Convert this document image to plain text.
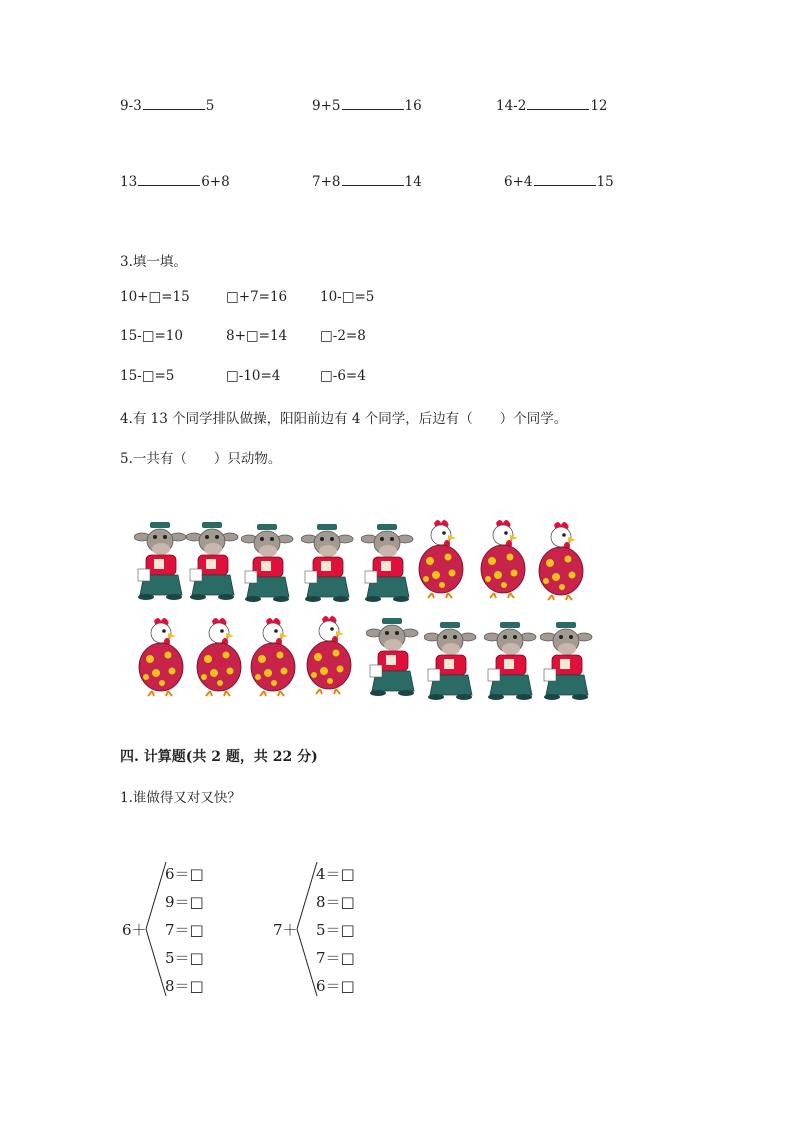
9-3	5	9+5	16	14-2	12
13	6+8	7+8	14	6+4	15
3.填一填。
10+□=15	□+7=16 10-□=5
15-□=10	8+□=14 □-2=8
15-□=5	□-10=4	□-6=4
4.有 13 个同学排队做操，阳阳前边有 4 个同学，后边有（　　）个同学。
5.一共有（　　）只动物。
四. 计算题(共 2 题，共 22 分)
1.谁做得又对又快？
6＋
6＝□
9＝□
7＝□
5＝□
8＝□
7＋
4＝□
8＝□
5＝□
7＝□
6＝□
